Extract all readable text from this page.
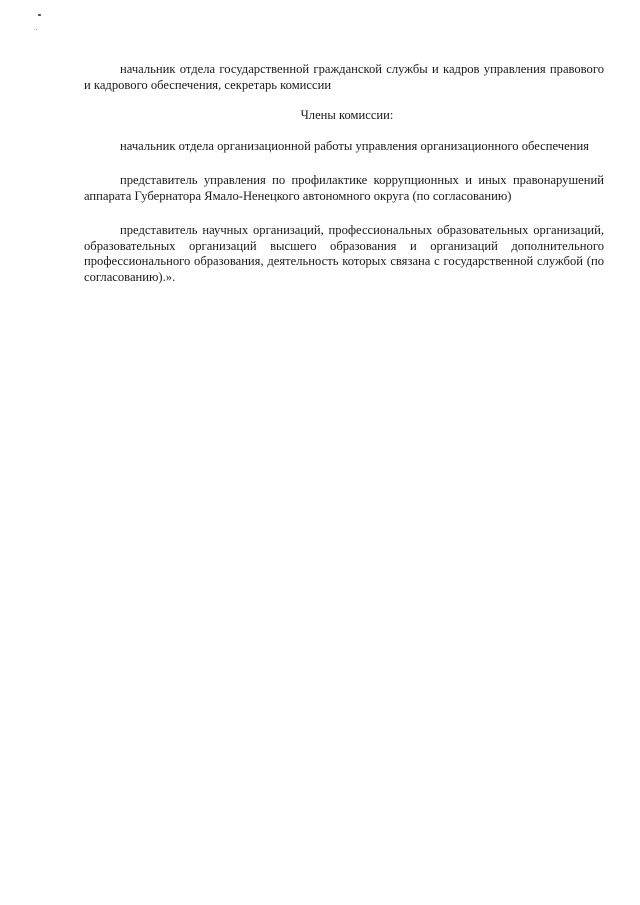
начальник отдела государственной гражданской службы и кадров управления правового и кадрового обеспечения, секретарь комиссии

Члены комиссии:

начальник отдела организационной работы управления организационного обеспечения

представитель управления по профилактике коррупционных и иных правонарушений аппарата Губернатора Ямало-Ненецкого автономного округа (по согласованию)

представитель научных организаций, профессиональных образовательных организаций, образовательных организаций высшего образования и организаций дополнительного профессионального образования, деятельность которых связана с государственной службой (по согласованию).».
